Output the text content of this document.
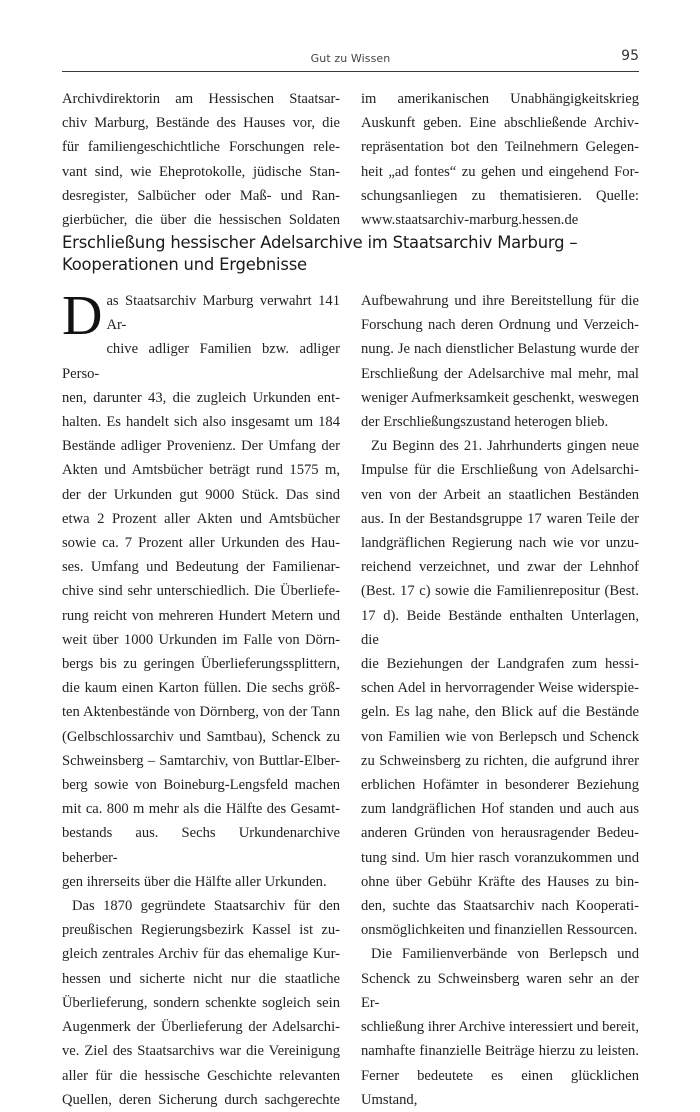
Gut zu Wissen	95

Archivdirektorin am Hessischen Staatsar-
chiv Marburg, Bestände des Hauses vor, die
für familiengeschichtliche Forschungen rele-
vant sind, wie Eheprotokolle, jüdische Stan-
desregister, Salbücher oder Maß- und Ran-
gierbücher, die über die hessischen Soldaten

im amerikanischen Unabhängigkeitskrieg
Auskunft geben. Eine abschließende Archiv-
repräsentation bot den Teilnehmern Gelegen-
heit „ad fontes“ zu gehen und eingehend For-
schungsanliegen zu thematisieren. Quelle:
www.staatsarchiv-marburg.hessen.de

Erschließung hessischer Adelsarchive im Staatsarchiv Marburg –
Kooperationen und Ergebnisse

D as Staatsarchiv Marburg verwahrt 141 Ar-
chive adliger Familien bzw. adliger Perso-
nen, darunter 43, die zugleich Urkunden ent-
halten. Es handelt sich also insgesamt um 184
Bestände adliger Provenienz. Der Umfang der
Akten und Amtsbücher beträgt rund 1575 m,
der der Urkunden gut 9000 Stück. Das sind
etwa 2 Prozent aller Akten und Amtsbücher
sowie ca. 7 Prozent aller Urkunden des Hau-
ses. Umfang und Bedeutung der Familienar-
chive sind sehr unterschiedlich. Die Überliefe-
rung reicht von mehreren Hundert Metern und
weit über 1000 Urkunden im Falle von Dörn-
bergs bis zu geringen Überlieferungssplittern,
die kaum einen Karton füllen. Die sechs größ-
ten Aktenbestände von Dörnberg, von der Tann
(Gelbschlossarchiv und Samtbau), Schenck zu
Schweinsberg – Samtarchiv, von Buttlar-Elber-
berg sowie von Boineburg-Lengsfeld machen
mit ca. 800 m mehr als die Hälfte des Gesamt-
bestands aus. Sechs Urkundenarchive beherber-
gen ihrerseits über die Hälfte aller Urkunden.

Das 1870 gegründete Staatsarchiv für den
preußischen Regierungsbezirk Kassel ist zu-
gleich zentrales Archiv für das ehemalige Kur-
hessen und sicherte nicht nur die staatliche
Überlieferung, sondern schenkte sogleich sein
Augenmerk der Überlieferung der Adelsarchi-
ve. Ziel des Staatsarchivs war die Vereinigung
aller für die hessische Geschichte relevanten
Quellen, deren Sicherung durch sachgerechte

Aufbewahrung und ihre Bereitstellung für die
Forschung nach deren Ordnung und Verzeich-
nung. Je nach dienstlicher Belastung wurde der
Erschließung der Adelsarchive mal mehr, mal
weniger Aufmerksamkeit geschenkt, weswegen
der Erschließungszustand heterogen blieb.

Zu Beginn des 21. Jahrhunderts gingen neue
Impulse für die Erschließung von Adelsarchi-
ven von der Arbeit an staatlichen Beständen
aus. In der Bestandsgruppe 17 waren Teile der
landgräflichen Regierung nach wie vor unzu-
reichend verzeichnet, und zwar der Lehnhof
(Best. 17 c) sowie die Familienrepositur (Best.
17 d). Beide Bestände enthalten Unterlagen, die
die Beziehungen der Landgrafen zum hessi-
schen Adel in hervorragender Weise widerspie-
geln. Es lag nahe, den Blick auf die Bestände
von Familien wie von Berlepsch und Schenck
zu Schweinsberg zu richten, die aufgrund ihrer
erblichen Hofämter in besonderer Beziehung
zum landgräflichen Hof standen und auch aus
anderen Gründen von herausragender Bedeu-
tung sind. Um hier rasch voranzukommen und
ohne über Gebühr Kräfte des Hauses zu bin-
den, suchte das Staatsarchiv nach Kooperati-
onsmöglichkeiten und finanziellen Ressourcen.

Die Familienverbände von Berlepsch und
Schenck zu Schweinsberg waren sehr an der Er-
schließung ihrer Archive interessiert und bereit,
namhafte finanzielle Beiträge hierzu zu leisten.
Ferner bedeutete es einen glücklichen Umstand,
